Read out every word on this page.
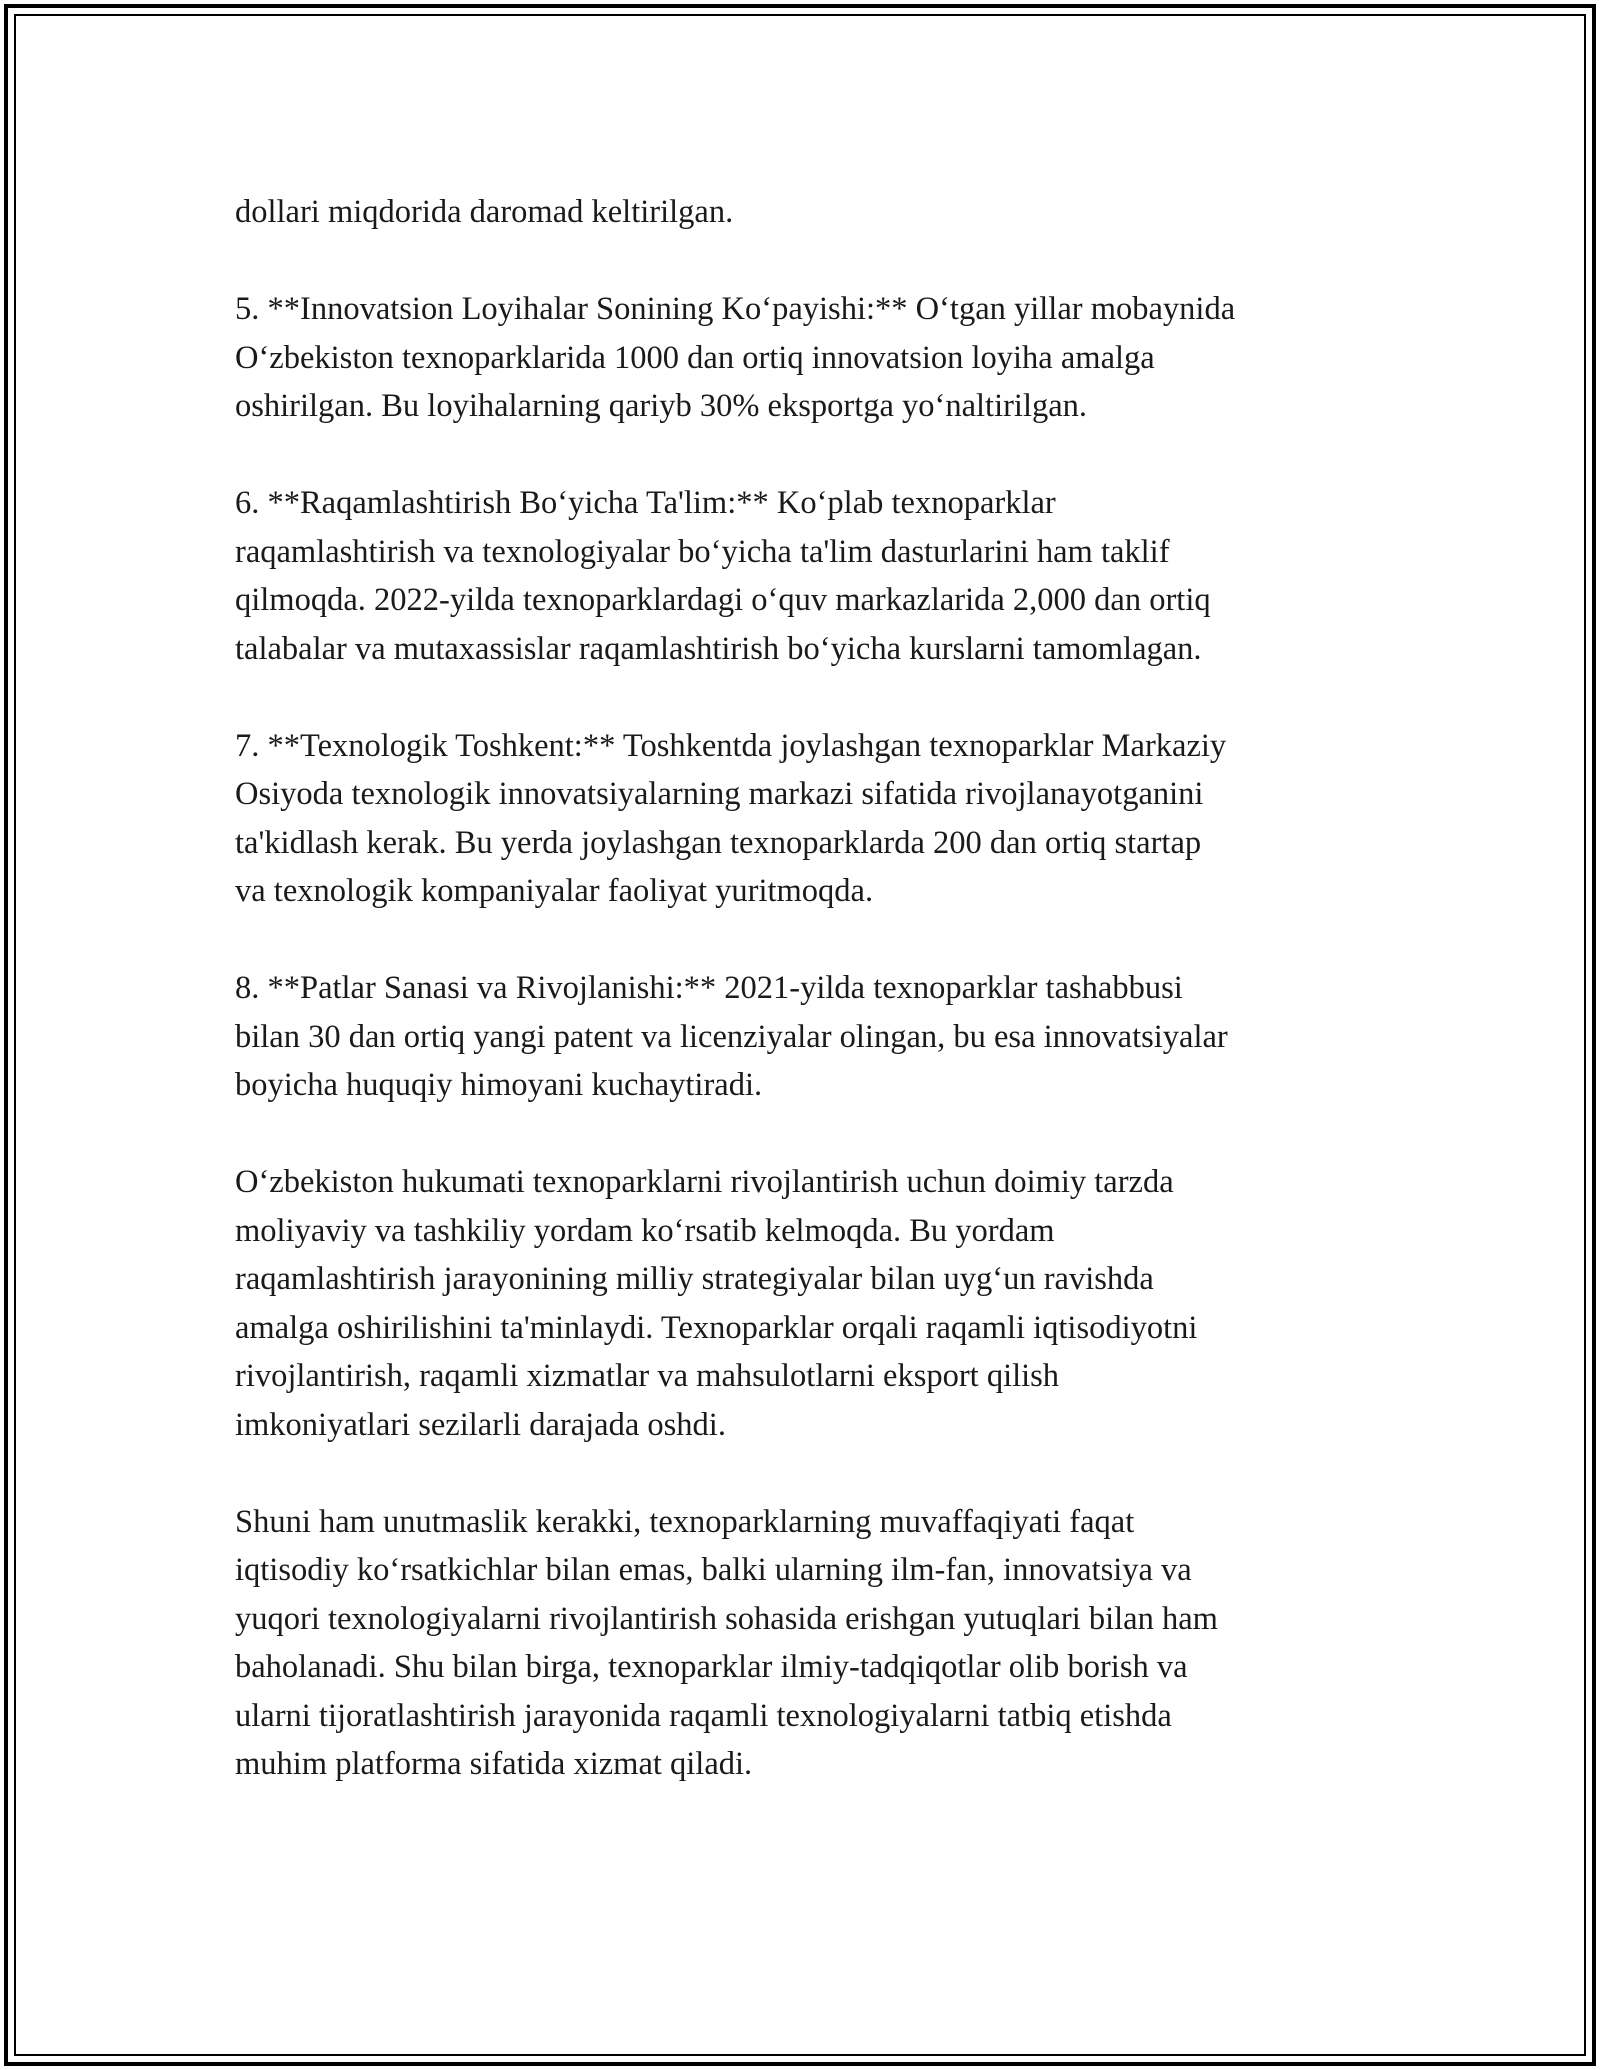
dollari miqdorida daromad keltirilgan.

5. **Innovatsion Loyihalar Sonining Ko‘payishi:** O‘tgan yillar mobaynida
O‘zbekiston texnoparklarida 1000 dan ortiq innovatsion loyiha amalga
oshirilgan. Bu loyihalarning qariyb 30% eksportga yo‘naltirilgan.

6. **Raqamlashtirish Bo‘yicha Ta'lim:** Ko‘plab texnoparklar
raqamlashtirish va texnologiyalar bo‘yicha ta'lim dasturlarini ham taklif
qilmoqda. 2022-yilda texnoparklardagi o‘quv markazlarida 2,000 dan ortiq
talabalar va mutaxassislar raqamlashtirish bo‘yicha kurslarni tamomlagan.

7. **Texnologik Toshkent:** Toshkentda joylashgan texnoparklar Markaziy
Osiyoda texnologik innovatsiyalarning markazi sifatida rivojlanayotganini
ta'kidlash kerak. Bu yerda joylashgan texnoparklarda 200 dan ortiq startap
va texnologik kompaniyalar faoliyat yuritmoqda.

8. **Patlar Sanasi va Rivojlanishi:** 2021-yilda texnoparklar tashabbusi
bilan 30 dan ortiq yangi patent va licenziyalar olingan, bu esa innovatsiyalar
boyicha huquqiy himoyani kuchaytiradi.

O‘zbekiston hukumati texnoparklarni rivojlantirish uchun doimiy tarzda
moliyaviy va tashkiliy yordam ko‘rsatib kelmoqda. Bu yordam
raqamlashtirish jarayonining milliy strategiyalar bilan uyg‘un ravishda
amalga oshirilishini ta'minlaydi. Texnoparklar orqali raqamli iqtisodiyotni
rivojlantirish, raqamli xizmatlar va mahsulotlarni eksport qilish
imkoniyatlari sezilarli darajada oshdi.

Shuni ham unutmaslik kerakki, texnoparklarning muvaffaqiyati faqat
iqtisodiy ko‘rsatkichlar bilan emas, balki ularning ilm-fan, innovatsiya va
yuqori texnologiyalarni rivojlantirish sohasida erishgan yutuqlari bilan ham
baholanadi. Shu bilan birga, texnoparklar ilmiy-tadqiqotlar olib borish va
ularni tijoratlashtirish jarayonida raqamli texnologiyalarni tatbiq etishda
muhim platforma sifatida xizmat qiladi.
